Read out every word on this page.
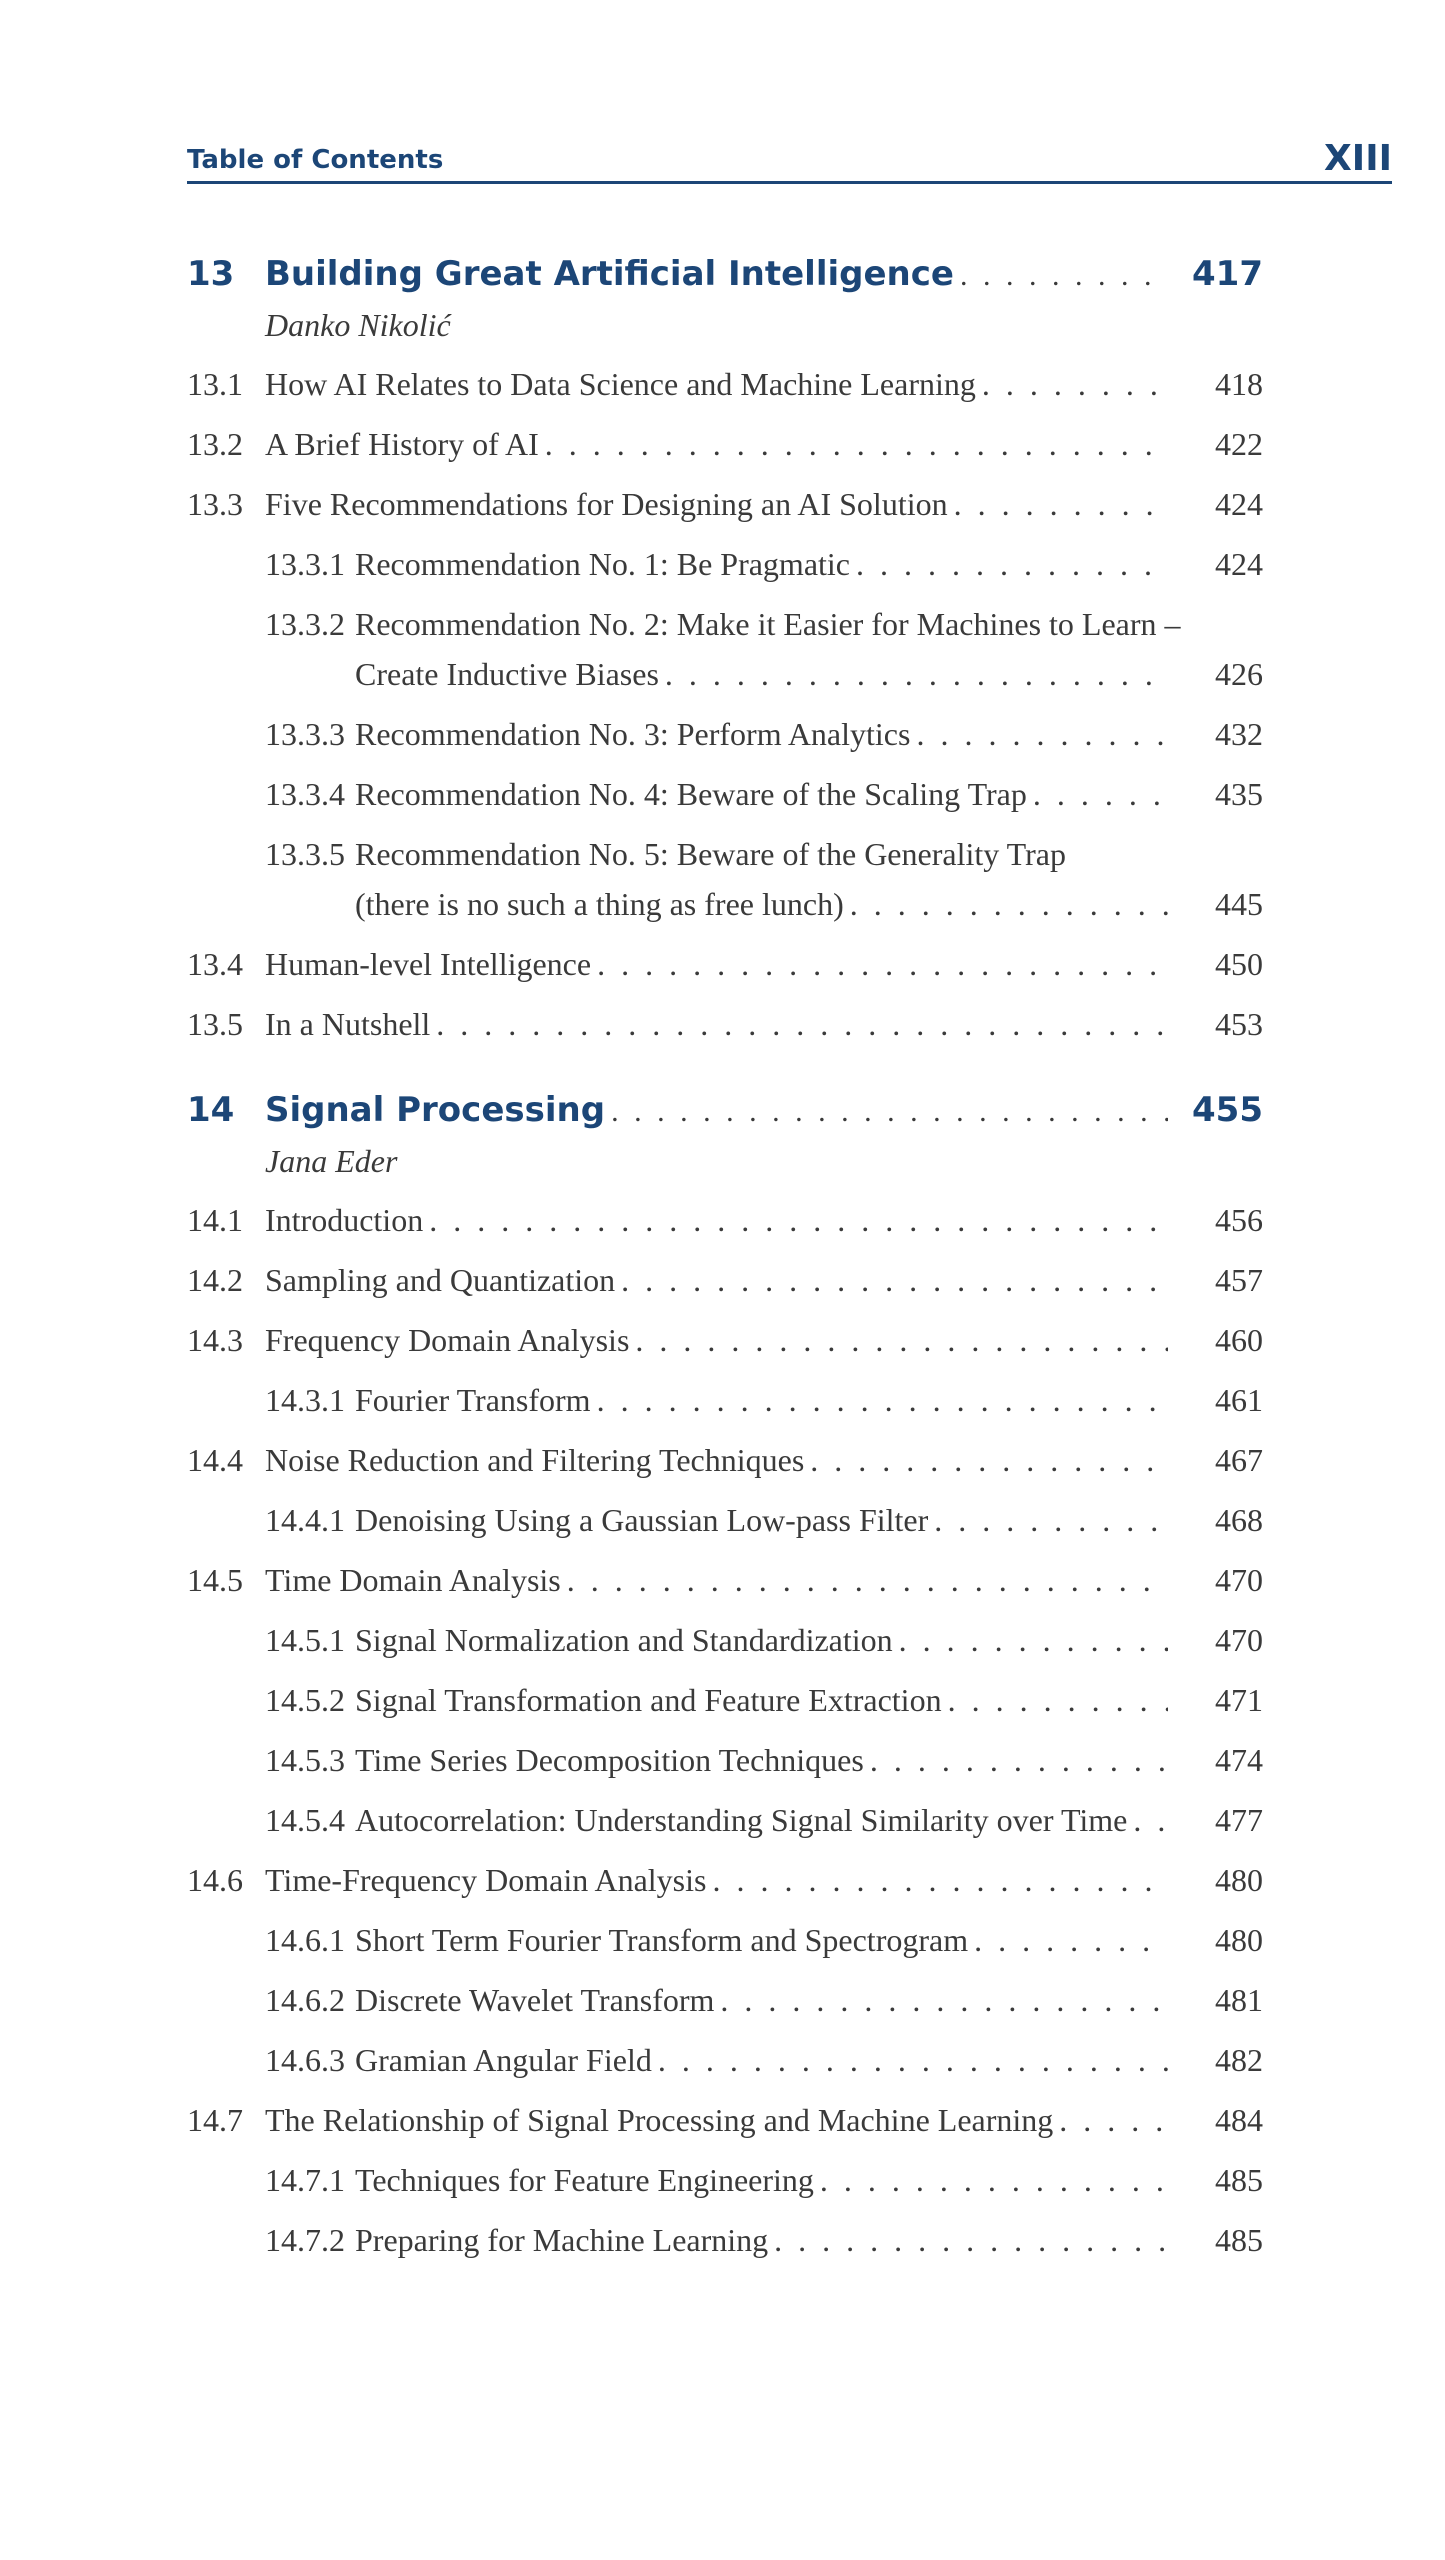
Table of Contents	XIII
13 Building Great Artificial Intelligence . . .	417
Danko Nikolić
13.1 How AI Relates to Data Science and Machine Learning . . .	418
13.2 A Brief History of AI . . .	422
13.3 Five Recommendations for Designing an AI Solution . . .	424
13.3.1 Recommendation No. 1: Be Pragmatic . . .	424
13.3.2 Recommendation No. 2: Make it Easier for Machines to Learn –
Create Inductive Biases . . .	426
13.3.3 Recommendation No. 3: Perform Analytics . . .	432
13.3.4 Recommendation No. 4: Beware of the Scaling Trap . . .	435
13.3.5 Recommendation No. 5: Beware of the Generality Trap
(there is no such a thing as free lunch) . . .	445
13.4 Human-level Intelligence . . .	450
13.5 In a Nutshell . . .	453
14 Signal Processing . . .	455
Jana Eder
14.1 Introduction . . .	456
14.2 Sampling and Quantization . . .	457
14.3 Frequency Domain Analysis . . .	460
14.3.1 Fourier Transform . . .	461
14.4 Noise Reduction and Filtering Techniques . . .	467
14.4.1 Denoising Using a Gaussian Low-pass Filter . . .	468
14.5 Time Domain Analysis . . .	470
14.5.1 Signal Normalization and Standardization . . .	470
14.5.2 Signal Transformation and Feature Extraction . . .	471
14.5.3 Time Series Decomposition Techniques . . .	474
14.5.4 Autocorrelation: Understanding Signal Similarity over Time . . .	477
14.6 Time-Frequency Domain Analysis . . .	480
14.6.1 Short Term Fourier Transform and Spectrogram . . .	480
14.6.2 Discrete Wavelet Transform . . .	481
14.6.3 Gramian Angular Field . . .	482
14.7 The Relationship of Signal Processing and Machine Learning . . .	484
14.7.1 Techniques for Feature Engineering . . .	485
14.7.2 Preparing for Machine Learning . . .	485
